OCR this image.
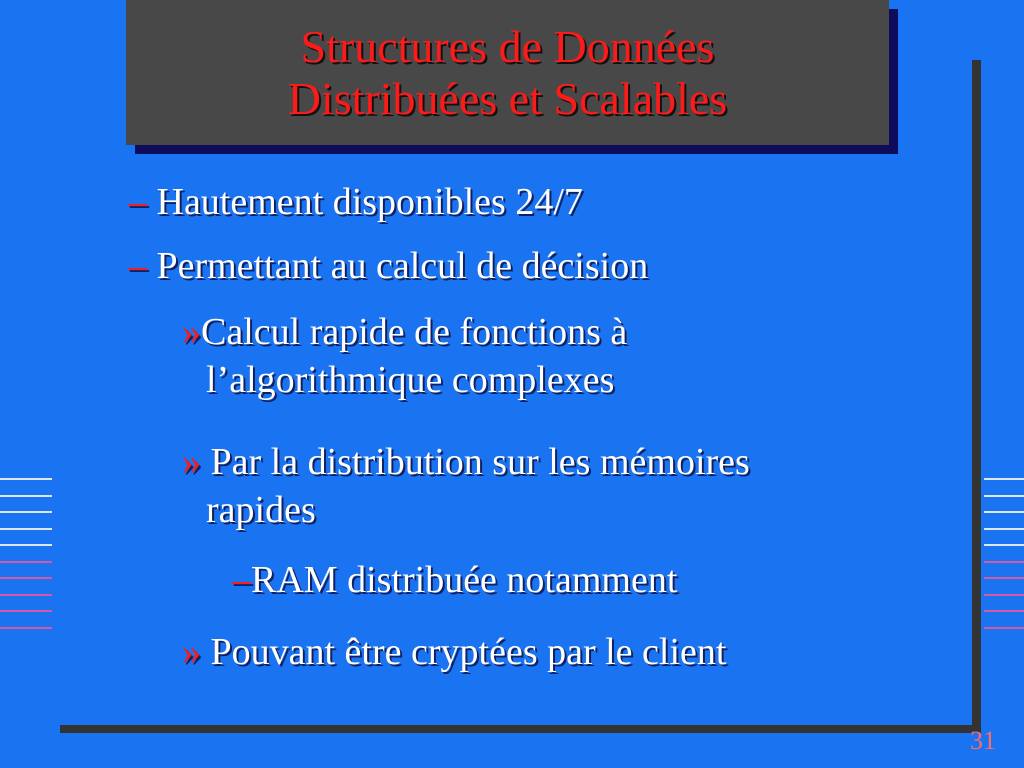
Structures de Données
Distribuées et Scalables
– Hautement disponibles 24/7
– Permettant au calcul de décision
»Calcul rapide de fonctions à
l’algorithmique complexes
» Par la distribution sur les mémoires
rapides
–RAM distribuée notamment
» Pouvant être cryptées par le client
31
